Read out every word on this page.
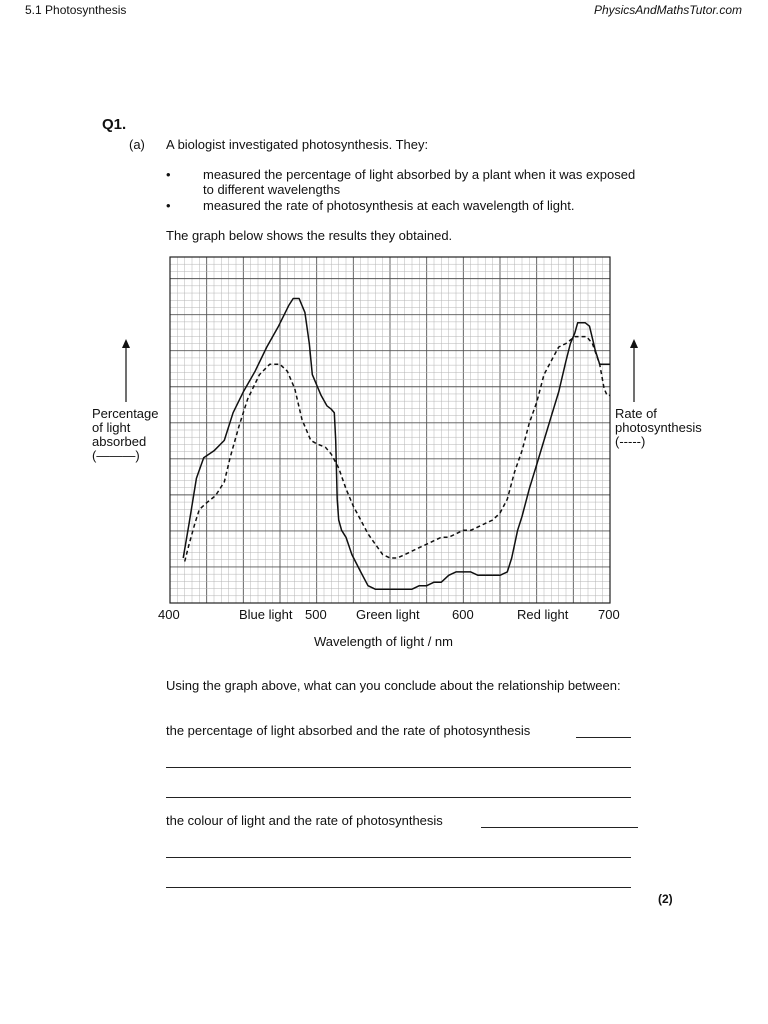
5.1 Photosynthesis	PhysicsAndMathsTutor.com
Q1.
(a) A biologist investigated photosynthesis. They:
• measured the percentage of light absorbed by a plant when it was exposed to different wavelengths
• measured the rate of photosynthesis at each wavelength of light.
The graph below shows the results they obtained.
Percentage
of light
absorbed
(———)
Rate of
photosynthesis
(-----)
400	Blue light 500 Green light 600	Red light 700
Wavelength of light / nm
Using the graph above, what can you conclude about the relationship between:
the percentage of light absorbed and the rate of photosynthesis
the colour of light and the rate of photosynthesis
(2)
